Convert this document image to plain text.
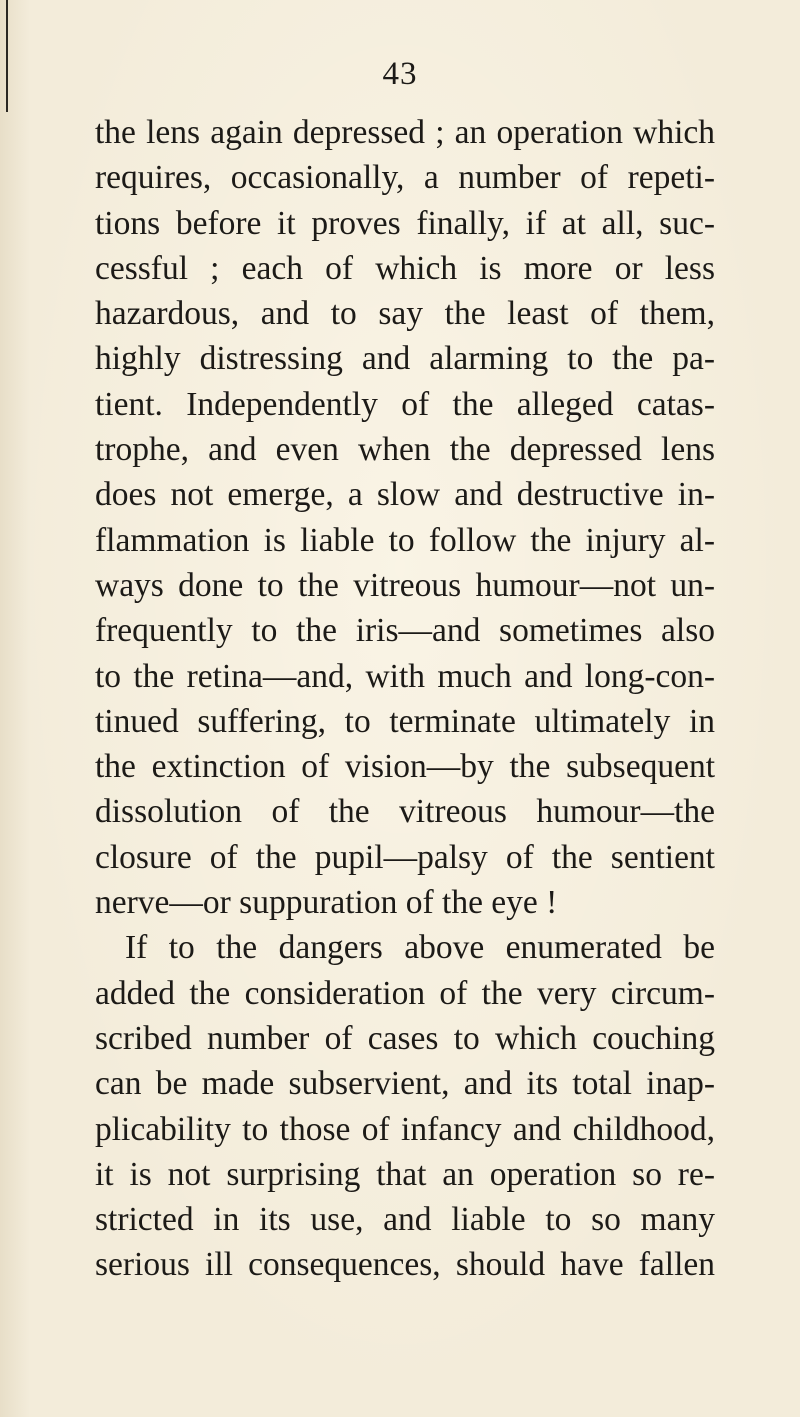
43
the lens again depressed ; an operation which
requires, occasionally, a number of repeti-
tions before it proves finally, if at all, suc-
cessful ; each of which is more or less
hazardous, and to say the least of them,
highly distressing and alarming to the pa-
tient. Independently of the alleged catas-
trophe, and even when the depressed lens
does not emerge, a slow and destructive in-
flammation is liable to follow the injury al-
ways done to the vitreous humour—not un-
frequently to the iris—and sometimes also
to the retina—and, with much and long-con-
tinued suffering, to terminate ultimately in
the extinction of vision—by the subsequent
dissolution of the vitreous humour—the
closure of the pupil—palsy of the sentient
nerve—or suppuration of the eye !
If to the dangers above enumerated be
added the consideration of the very circum-
scribed number of cases to which couching
can be made subservient, and its total inap-
plicability to those of infancy and childhood,
it is not surprising that an operation so re-
stricted in its use, and liable to so many
serious ill consequences, should have fallen
